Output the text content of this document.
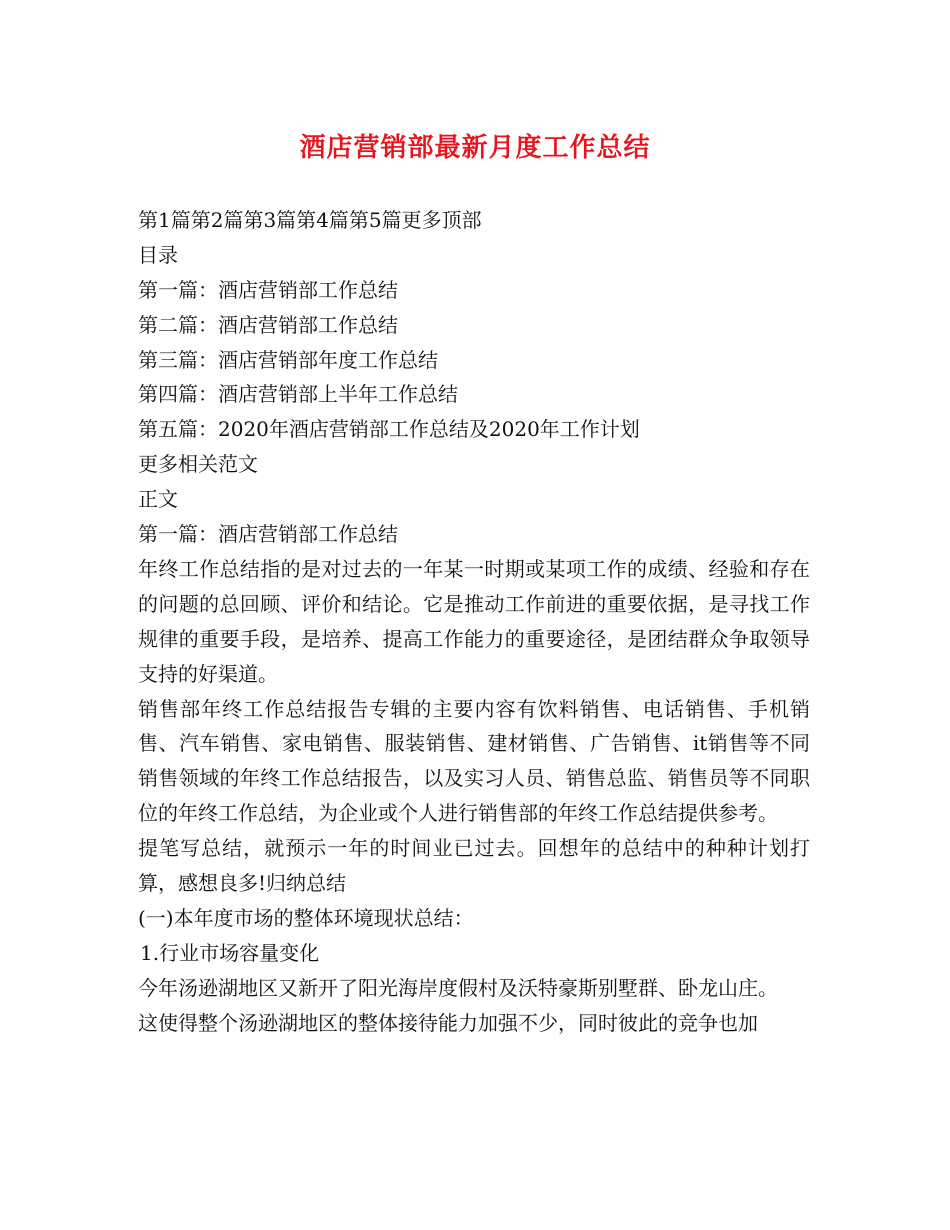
酒店营销部最新月度工作总结

第1篇第2篇第3篇第4篇第5篇更多顶部

目录

第一篇：酒店营销部工作总结

第二篇：酒店营销部工作总结

第三篇：酒店营销部年度工作总结

第四篇：酒店营销部上半年工作总结

第五篇：2020年酒店营销部工作总结及2020年工作计划

更多相关范文

正文

第一篇：酒店营销部工作总结

年终工作总结指的是对过去的一年某一时期或某项工作的成绩、经验和存在的问题的总回顾、评价和结论。它是推动工作前进的重要依据，是寻找工作规律的重要手段，是培养、提高工作能力的重要途径，是团结群众争取领导支持的好渠道。

销售部年终工作总结报告专辑的主要内容有饮料销售、电话销售、手机销售、汽车销售、家电销售、服装销售、建材销售、广告销售、it销售等不同销售领域的年终工作总结报告，以及实习人员、销售总监、销售员等不同职位的年终工作总结，为企业或个人进行销售部的年终工作总结提供参考。

提笔写总结，就预示一年的时间业已过去。回想年的总结中的种种计划打算，感想良多!归纳总结

(一)本年度市场的整体环境现状总结：

1.行业市场容量变化

今年汤逊湖地区又新开了阳光海岸度假村及沃特豪斯别墅群、卧龙山庄。

这使得整个汤逊湖地区的整体接待能力加强不少，同时彼此的竞争也加
